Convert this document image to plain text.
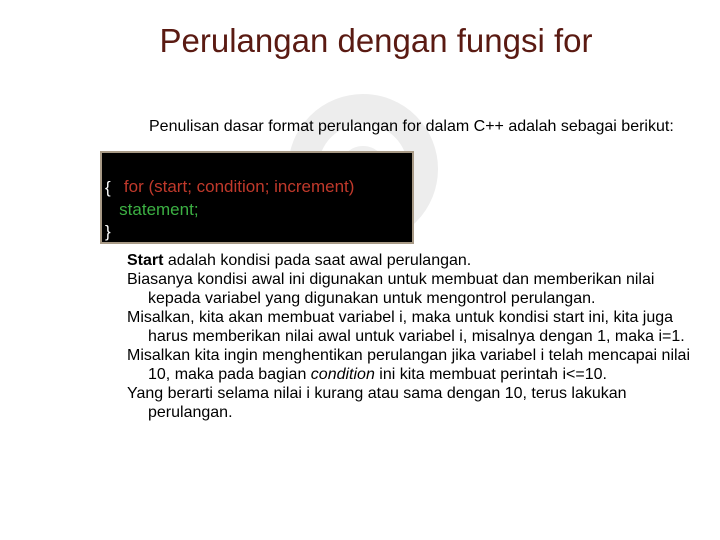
Perulangan dengan fungsi for
Penulisan dasar format perulangan for dalam C++ adalah sebagai berikut:

for (start; condition; increment)

{
statement;
}

Start adalah kondisi pada saat awal perulangan.

Biasanya kondisi awal ini digunakan untuk membuat dan memberikan nilai kepada variabel yang digunakan untuk mengontrol perulangan.

Misalkan, kita akan membuat variabel i, maka untuk kondisi start ini, kita juga harus memberikan nilai awal untuk variabel i, misalnya dengan 1, maka i=1.

Misalkan kita ingin menghentikan perulangan jika variabel i telah mencapai nilai 10, maka pada bagian condition ini kita membuat perintah i<=10.

Yang berarti selama nilai i kurang atau sama dengan 10, terus lakukan perulangan.
